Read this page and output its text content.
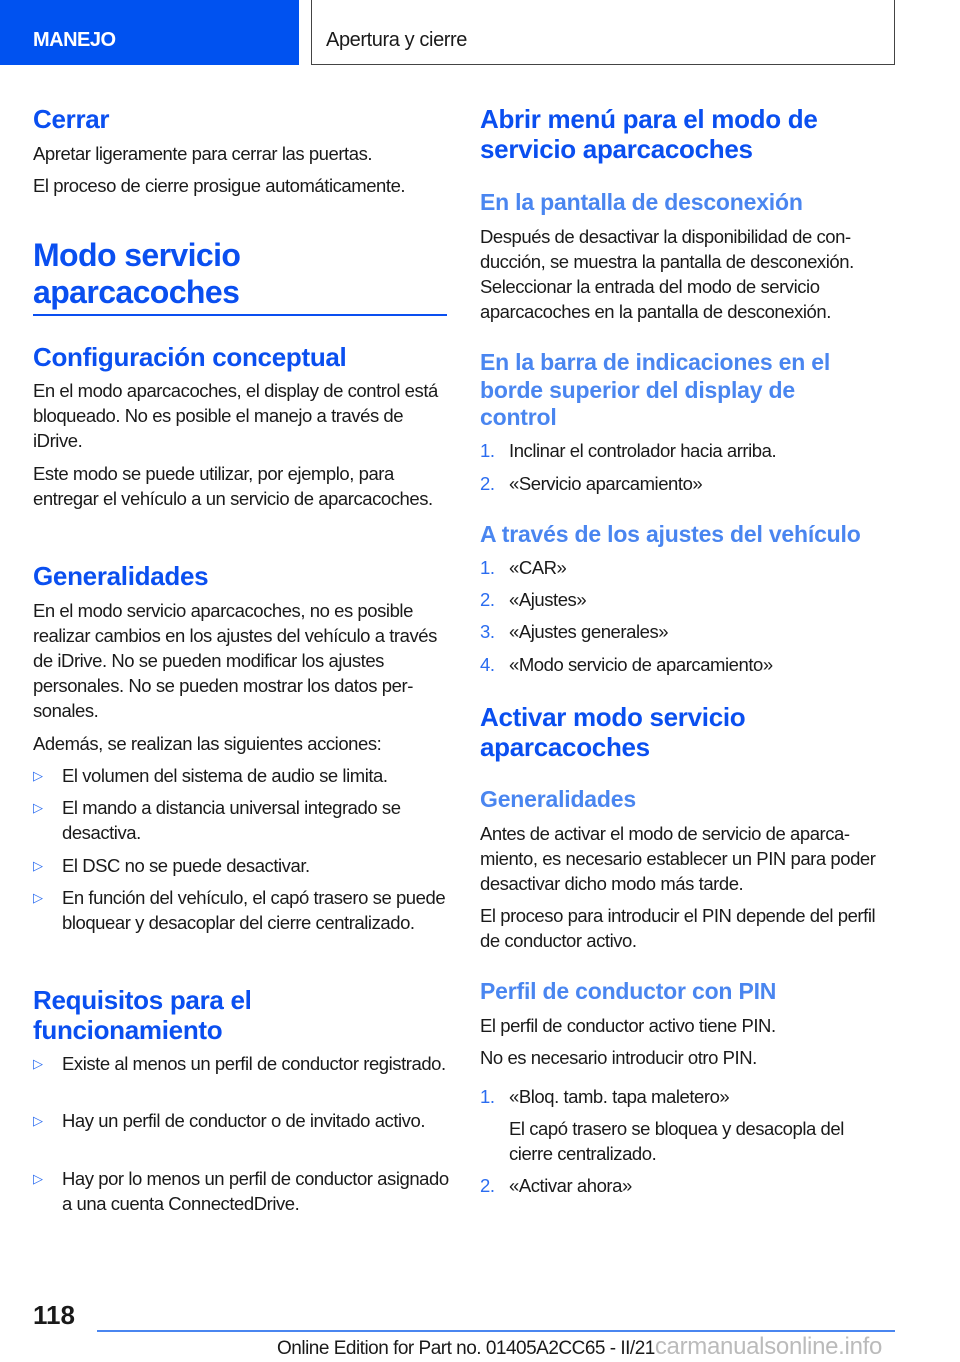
MANEJO	Apertura y cierre
Cerrar
Apretar ligeramente para cerrar las puertas.
El proceso de cierre prosigue automáticamente.
Modo servicio aparcacoches
Configuración conceptual
En el modo aparcacoches, el display de control está bloqueado. No es posible el manejo a través de iDrive.
Este modo se puede utilizar, por ejemplo, para entregar el vehículo a un servicio de aparcacoches.
Generalidades
En el modo servicio aparcacoches, no es posible realizar cambios en los ajustes del vehículo a través de iDrive. No se pueden modificar los ajustes personales. No se pueden mostrar los datos personales.
Además, se realizan las siguientes acciones:
▷ El volumen del sistema de audio se limita.
▷ El mando a distancia universal integrado se desactiva.
▷ El DSC no se puede desactivar.
▷ En función del vehículo, el capó trasero se puede bloquear y desacoplar del cierre centralizado.
Requisitos para el funcionamiento
▷ Existe al menos un perfil de conductor registrado.
▷ Hay un perfil de conductor o de invitado activo.
▷ Hay por lo menos un perfil de conductor asignado a una cuenta ConnectedDrive.
Abrir menú para el modo de servicio aparcacoches
En la pantalla de desconexión
Después de desactivar la disponibilidad de conducción, se muestra la pantalla de desconexión. Seleccionar la entrada del modo de servicio aparcacoches en la pantalla de desconexión.
En la barra de indicaciones en el borde superior del display de control
1. Inclinar el controlador hacia arriba.
2. «Servicio aparcamiento»
A través de los ajustes del vehículo
1. «CAR»
2. «Ajustes»
3. «Ajustes generales»
4. «Modo servicio de aparcamiento»
Activar modo servicio aparcacoches
Generalidades
Antes de activar el modo de servicio de aparcamiento, es necesario establecer un PIN para poder desactivar dicho modo más tarde.
El proceso para introducir el PIN depende del perfil de conductor activo.
Perfil de conductor con PIN
El perfil de conductor activo tiene PIN.
No es necesario introducir otro PIN.
1. «Bloq. tamb. tapa maletero»
El capó trasero se bloquea y desacopla del cierre centralizado.
2. «Activar ahora»
118
Online Edition for Part no. 01405A2CC65 - II/21carmanualsonline.info
